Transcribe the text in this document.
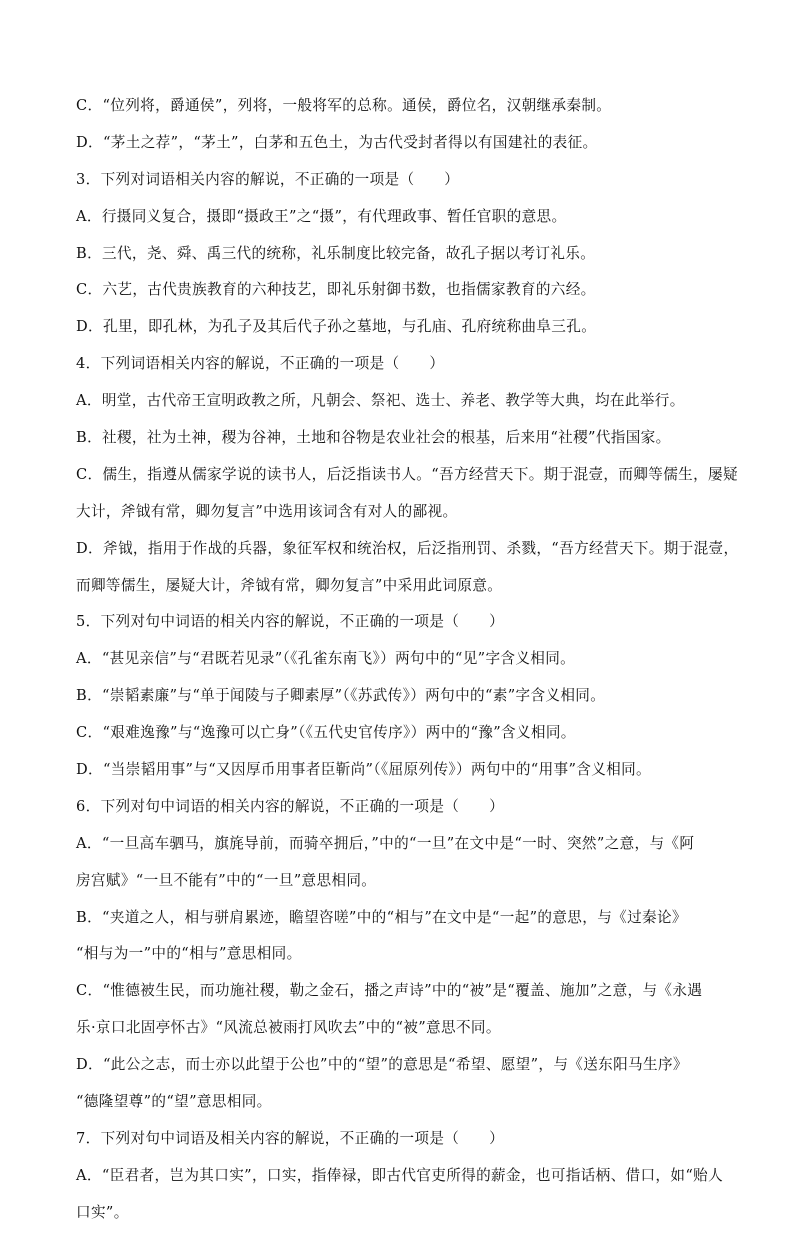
C．“位列将，爵通侯”，列将，一般将军的总称。通侯，爵位名，汉朝继承秦制。
D．“茅土之荐”，“茅土”，白茅和五色土，为古代受封者得以有国建社的表征。
3．下列对词语相关内容的解说，不正确的一项是（　　）
A．行摄同义复合，摄即“摄政王”之“摄”，有代理政事、暂任官职的意思。
B．三代，尧、舜、禹三代的统称，礼乐制度比较完备，故孔子据以考订礼乐。
C．六艺，古代贵族教育的六种技艺，即礼乐射御书数，也指儒家教育的六经。
D．孔里，即孔林，为孔子及其后代子孙之墓地，与孔庙、孔府统称曲阜三孔。
4．下列词语相关内容的解说，不正确的一项是（　　）
A．明堂，古代帝王宣明政教之所，凡朝会、祭祀、选士、养老、教学等大典，均在此举行。
B．社稷，社为土神，稷为谷神，土地和谷物是农业社会的根基，后来用“社稷”代指国家。
C．儒生，指遵从儒家学说的读书人，后泛指读书人。“吾方经营天下。期于混壹，而卿等儒生，屡疑
大计，斧钺有常，卿勿复言”中选用该词含有对人的鄙视。
D．斧钺，指用于作战的兵器，象征军权和统治权，后泛指刑罚、杀戮，“吾方经营天下。期于混壹，
而卿等儒生，屡疑大计，斧钺有常，卿勿复言”中采用此词原意。
5．下列对句中词语的相关内容的解说，不正确的一项是（　　）
A．“甚见亲信”与“君既若见录”（《孔雀东南飞》）两句中的“见”字含义相同。
B．“崇韬素廉”与“单于闻陵与子卿素厚”（《苏武传》）两句中的“素”字含义相同。
C．“艰难逸豫”与“逸豫可以亡身”（《五代史官传序》）两中的“豫”含义相同。
D．“当崇韬用事”与“又因厚币用事者臣靳尚”（《屈原列传》）两句中的“用事”含义相同。
6．下列对句中词语的相关内容的解说，不正确的一项是（　　）
A．“一旦高车驷马，旗旄导前，而骑卒拥后，”中的“一旦”在文中是“一时、突然”之意，与《阿
房宫赋》“一旦不能有”中的“一旦”意思相同。
B．“夹道之人，相与骈肩累迹，瞻望咨嗟”中的“相与”在文中是“一起”的意思，与《过秦论》
“相与为一”中的“相与”意思相同。
C．“惟德被生民，而功施社稷，勒之金石，播之声诗”中的“被”是“覆盖、施加”之意，与《永遇
乐·京口北固亭怀古》“风流总被雨打风吹去”中的“被”意思不同。
D．“此公之志，而士亦以此望于公也”中的“望”的意思是“希望、愿望”，与《送东阳马生序》
“德隆望尊”的“望”意思相同。
7．下列对句中词语及相关内容的解说，不正确的一项是（　　）
A．“臣君者，岂为其口实”，口实，指俸禄，即古代官吏所得的薪金，也可指话柄、借口，如“贻人
口实”。
